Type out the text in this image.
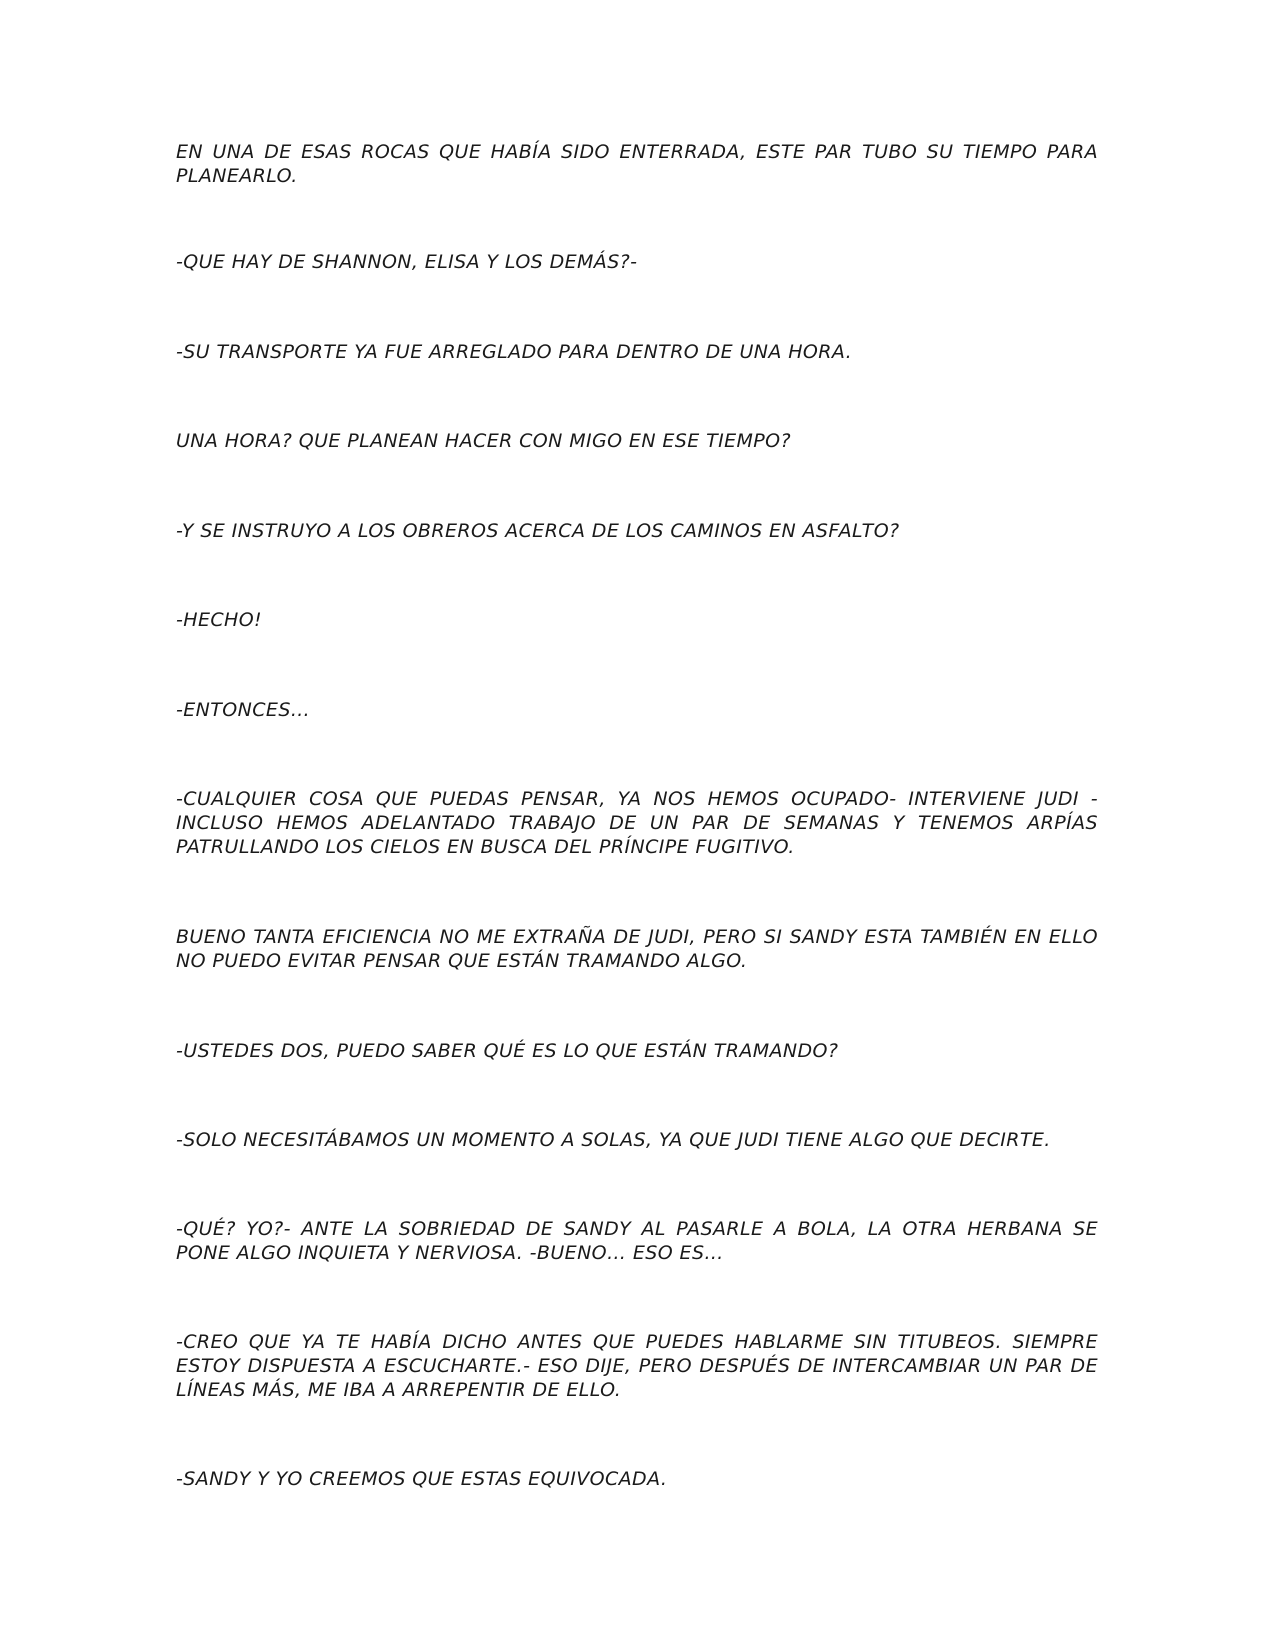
EN UNA DE ESAS ROCAS QUE HABÍA SIDO ENTERRADA, ESTE PAR TUBO SU TIEMPO PARA PLANEARLO.

-QUE HAY DE SHANNON, ELISA Y LOS DEMÁS?-

-SU TRANSPORTE YA FUE ARREGLADO PARA DENTRO DE UNA HORA.

UNA HORA? QUE PLANEAN HACER CON MIGO EN ESE TIEMPO?

-Y SE INSTRUYO A LOS OBREROS ACERCA DE LOS CAMINOS EN ASFALTO?

-HECHO!

-ENTONCES…

-CUALQUIER COSA QUE PUEDAS PENSAR, YA NOS HEMOS OCUPADO- INTERVIENE JUDI -INCLUSO HEMOS ADELANTADO TRABAJO DE UN PAR DE SEMANAS Y TENEMOS ARPÍAS PATRULLANDO LOS CIELOS EN BUSCA DEL PRÍNCIPE FUGITIVO.

BUENO TANTA EFICIENCIA NO ME EXTRAÑA DE JUDI, PERO SI SANDY ESTA TAMBIÉN EN ELLO NO PUEDO EVITAR PENSAR QUE ESTÁN TRAMANDO ALGO.

-USTEDES DOS, PUEDO SABER QUÉ ES LO QUE ESTÁN TRAMANDO?

-SOLO NECESITÁBAMOS UN MOMENTO A SOLAS, YA QUE JUDI TIENE ALGO QUE DECIRTE.

-QUÉ? YO?- ANTE LA SOBRIEDAD DE SANDY AL PASARLE A BOLA, LA OTRA HERBANA SE PONE ALGO INQUIETA Y NERVIOSA. -BUENO… ESO ES…

-CREO QUE YA TE HABÍA DICHO ANTES QUE PUEDES HABLARME SIN TITUBEOS. SIEMPRE ESTOY DISPUESTA A ESCUCHARTE.- ESO DIJE, PERO DESPUÉS DE INTERCAMBIAR UN PAR DE LÍNEAS MÁS, ME IBA A ARREPENTIR DE ELLO.

-SANDY Y YO CREEMOS QUE ESTAS EQUIVOCADA.
